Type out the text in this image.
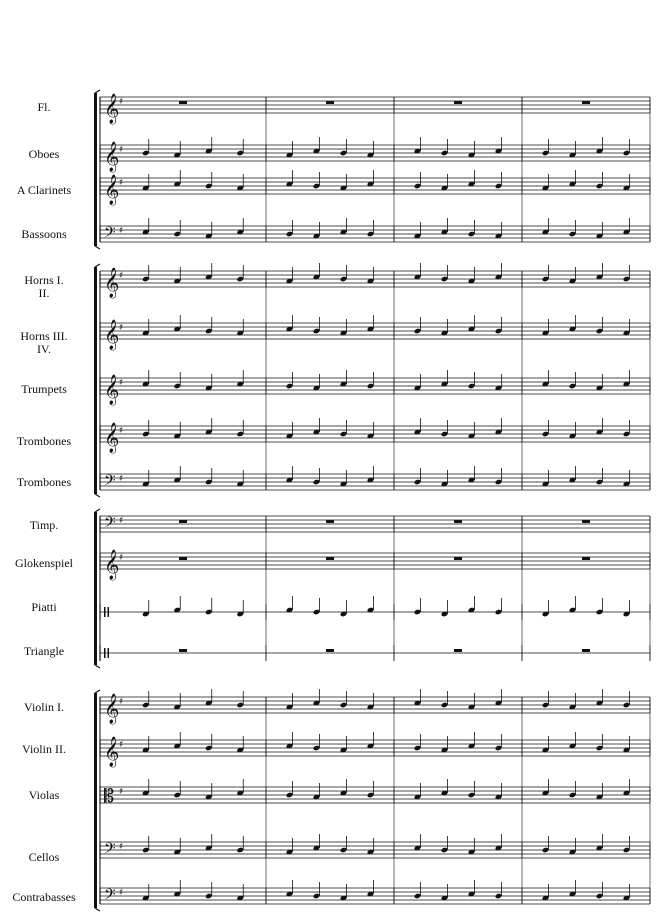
𝄞 ♯
𝄞 ♯
𝄞 ♯
𝄢 ♯
𝄞 ♯
𝄞 ♯
𝄞 ♯
𝄞 ♯
𝄢 ♯
𝄢 ♯
𝄞 ♯
𝄞 ♯
𝄞 ♯
𝄡 ♯
𝄢 ♯
𝄢 ♯
Fl.
Oboes
A Clarinets
Bassoons
Horns I.
II.
Horns III.
IV.
Trumpets
Trombones
Trombones
Timp.
Glokenspiel
Piatti
Triangle
Violin I.
Violin II.
Violas
Cellos
Contrabasses
